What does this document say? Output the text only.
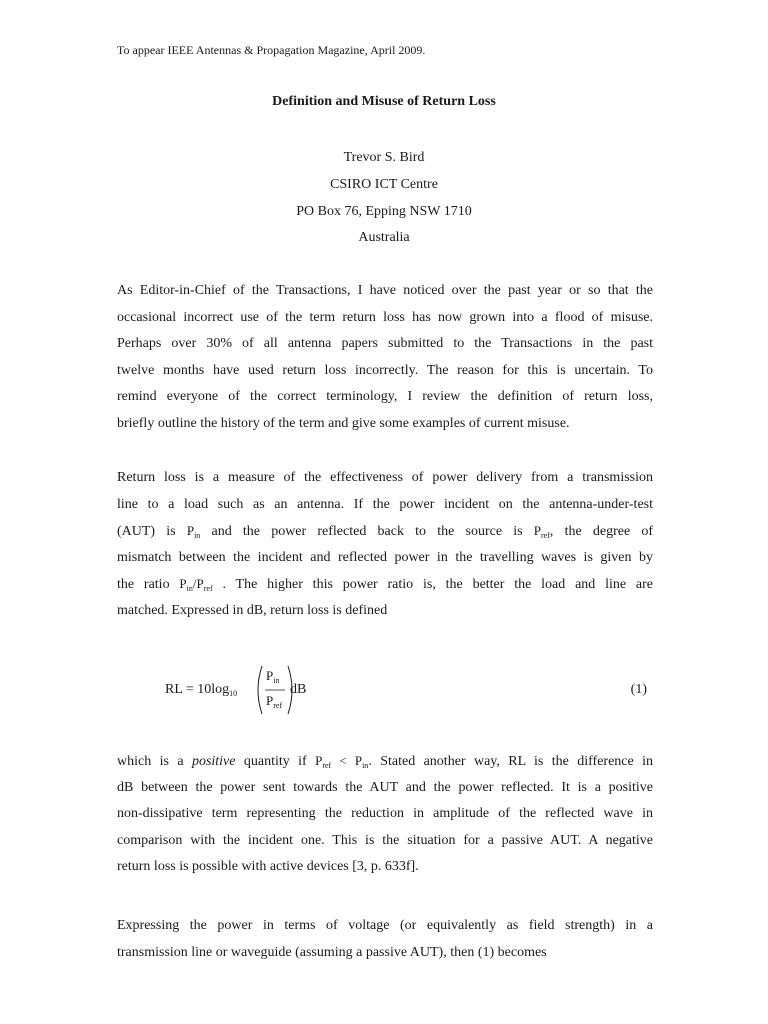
To appear IEEE Antennas & Propagation Magazine, April 2009.
Definition and Misuse of Return Loss
Trevor S. Bird
CSIRO ICT Centre
PO Box 76, Epping NSW 1710
Australia
As Editor-in-Chief of the Transactions, I have noticed over the past year or so that the
occasional incorrect use of the term return loss has now grown into a flood of misuse.
Perhaps over 30% of all antenna papers submitted to the Transactions in the past
twelve months have used return loss incorrectly. The reason for this is uncertain. To
remind everyone of the correct terminology, I review the definition of return loss,
briefly outline the history of the term and give some examples of current misuse.
Return loss is a measure of the effectiveness of power delivery from a transmission
line to a load such as an antenna. If the power incident on the antenna-under-test
(AUT) is $P_{in}$ and the power reflected back to the source is $P_{ref}$, the degree of
mismatch between the incident and reflected power in the travelling waves is given by
the ratio $P_{in}/P_{ref}$ . The higher this power ratio is, the better the load and line are
matched. Expressed in dB, return loss is defined
RL = $10\log_{10}$
$P_{in}$
$P_{ref}$
dB	(1)
which is a positive quantity if $P_{ref} < P_{in}$. Stated another way, RL is the difference in
dB between the power sent towards the AUT and the power reflected. It is a positive
non-dissipative term representing the reduction in amplitude of the reflected wave in
comparison with the incident one. This is the situation for a passive AUT. A negative
return loss is possible with active devices [3, p. 633f].
Expressing the power in terms of voltage (or equivalently as field strength) in a
transmission line or waveguide (assuming a passive AUT), then (1) becomes
